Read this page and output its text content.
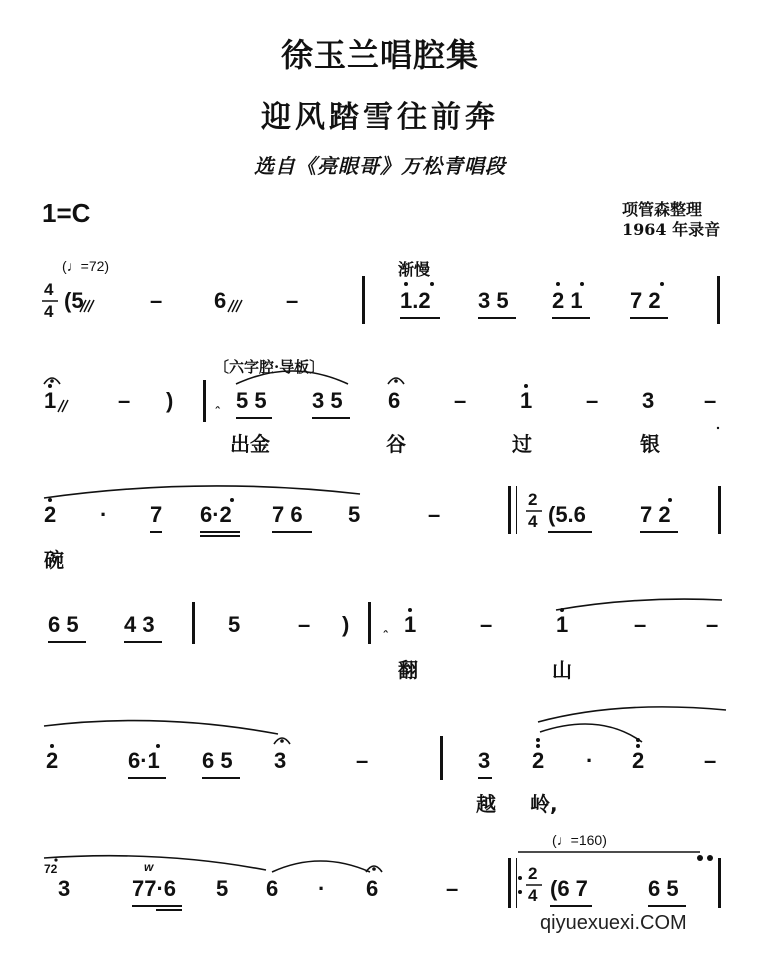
徐玉兰唱腔集
迎风踏雪往前奔
选自《亮眼哥》万松青唱段
1=C	项管森整理
1964 年录音
(♩=72)	渐慢
4
4 (5	– 6	–	1.2 3 5 2 1 7 2
〔六字腔·导板〕
1	– )	ꞈ 5 5 3 5 6 – 1 – 3 –
出金	谷	过	银
2 · 7 6·2 7 6 5	–
2
4 (5.6 7 2
碗
6 5 4 3	5	– ) ꞈ 1	–	1	–	–
翻	山
2	6·1 6 5 3	–	3 2 · 2	–
越 岭,
(♩=160)
72
3
w
77·6 5 6 · 6	–
2
4 (6 7	6 5
qiyuexuexi.COM
